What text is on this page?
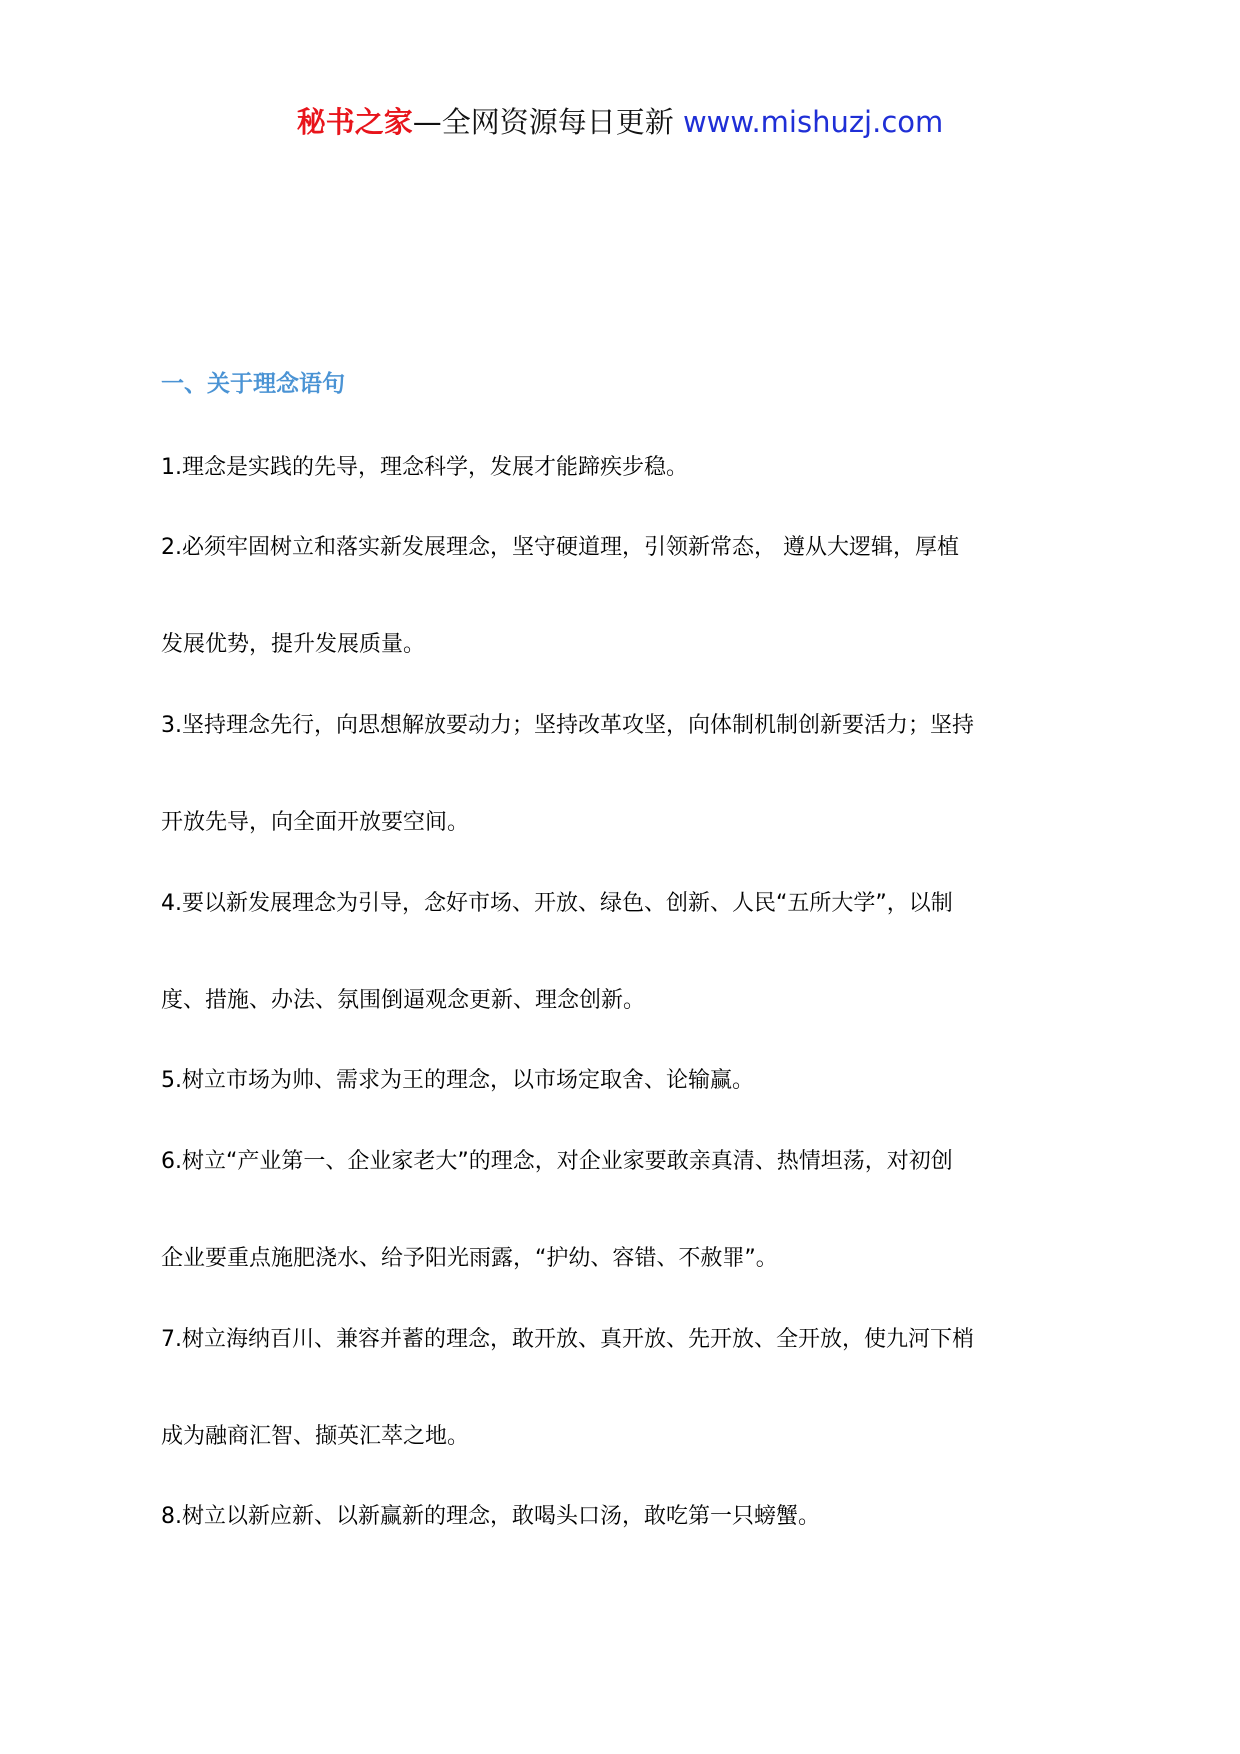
秘书之家—全网资源每日更新 www.mishuzj.com
一、关于理念语句
1.理念是实践的先导，理念科学，发展才能蹄疾步稳。
2.必须牢固树立和落实新发展理念，坚守硬道理，引领新常态， 遵从大逻辑，厚植
发展优势，提升发展质量。
3.坚持理念先行，向思想解放要动力；坚持改革攻坚，向体制机制创新要活力；坚持
开放先导，向全面开放要空间。
4.要以新发展理念为引导，念好市场、开放、绿色、创新、人民“五所大学”，以制
度、措施、办法、氛围倒逼观念更新、理念创新。
5.树立市场为帅、需求为王的理念，以市场定取舍、论输赢。
6.树立“产业第一、企业家老大”的理念，对企业家要敢亲真清、热情坦荡，对初创
企业要重点施肥浇水、给予阳光雨露，“护幼、容错、不赦罪”。
7.树立海纳百川、兼容并蓄的理念，敢开放、真开放、先开放、全开放，使九河下梢
成为融商汇智、撷英汇萃之地。
8.树立以新应新、以新赢新的理念，敢喝头口汤，敢吃第一只螃蟹。
